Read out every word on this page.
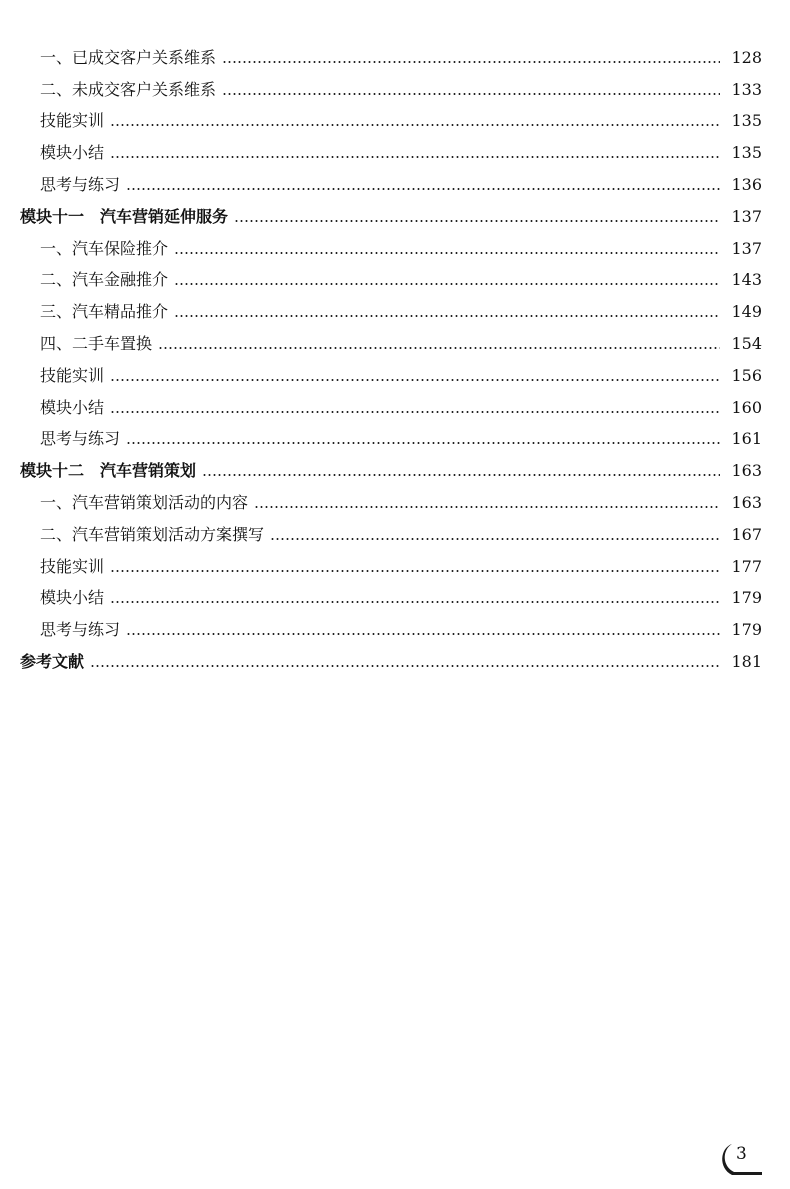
一、已成交客户关系维系	128
二、未成交客户关系维系	133
技能实训	135
模块小结	135
思考与练习	136
模块十一　汽车营销延伸服务	137
一、汽车保险推介	137
二、汽车金融推介	143
三、汽车精品推介	149
四、二手车置换	154
技能实训	156
模块小结	160
思考与练习	161
模块十二　汽车营销策划	163
一、汽车营销策划活动的内容	163
二、汽车营销策划活动方案撰写	167
技能实训	177
模块小结	179
思考与练习	179
参考文献	181
3
